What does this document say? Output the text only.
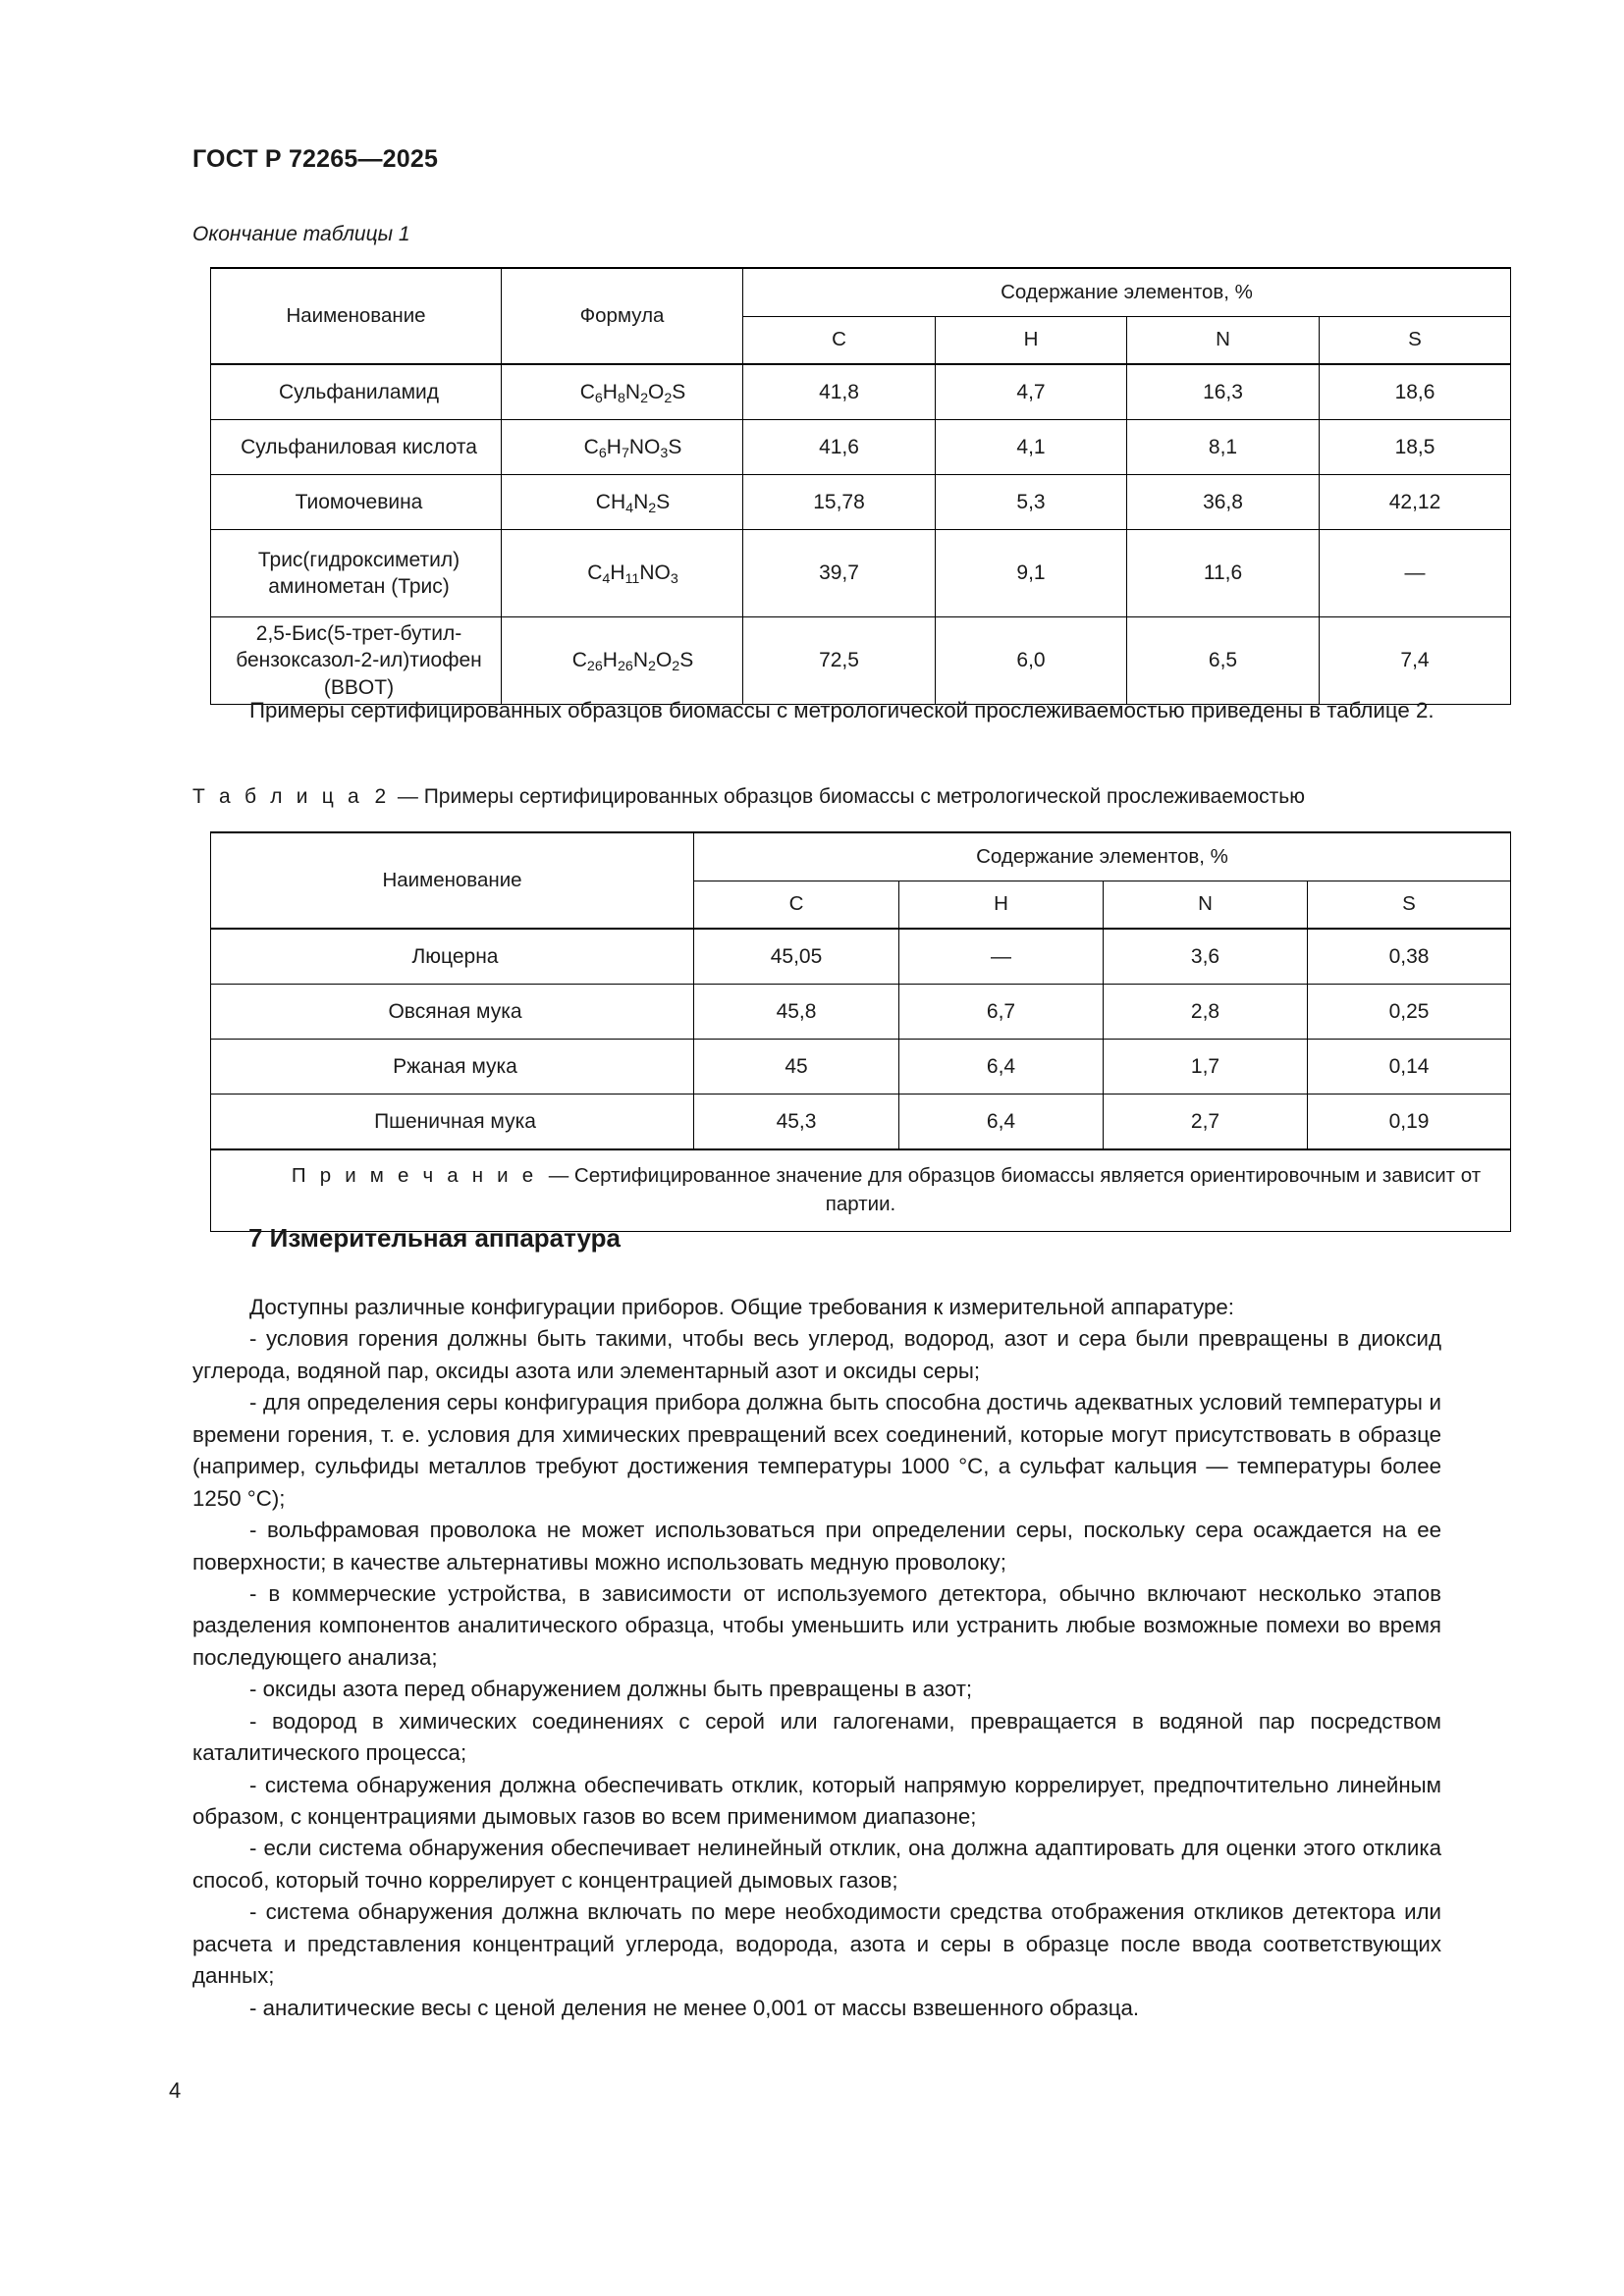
ГОСТ Р 72265—2025
Окончание таблицы 1
Наименование	Формула	Содержание элементов, %			
		C	H	N	S
Сульфаниламид	$C_6H_8N_2O_2S$	41,8	4,7	16,3	18,6
Сульфаниловая кислота	$C_6H_7NO_3S$	41,6	4,1	8,1	18,5
Тиомочевина	$CH_4N_2S$	15,78	5,3	36,8	42,12
Трис(гидроксиметил) аминометан (Трис)	$C_4H_{11}NO_3$	39,7	9,1	11,6	—
2,5-Бис(5-трет-бутил- бензоксазол-2-ил)тиофен (BBOT)	$C_{26}H_{26}N_2O_2S$	72,5	6,0	6,5	7,4

Примеры сертифицированных образцов биомассы с метрологической прослеживаемостью приведены в таблице 2.

Т а б л и ц а 2 — Примеры сертифицированных образцов биомассы с метрологической прослеживаемостью
Наименование	Содержание элементов, %			
	C	H	N	S
Люцерна	45,05	—	3,6	0,38
Овсяная мука	45,8	6,7	2,8	0,25
Ржаная мука	45	6,4	1,7	0,14
Пшеничная мука	45,3	6,4	2,7	0,19
П р и м е ч а н и е — Сертифицированное значение для образцов биомассы является ориентировочным и зависит от партии.				
7 Измерительная аппаратура

Доступны различные конфигурации приборов. Общие требования к измерительной аппаратуре:

- условия горения должны быть такими, чтобы весь углерод, водород, азот и сера были превращены в диоксид углерода, водяной пар, оксиды азота или элементарный азот и оксиды серы;

- для определения серы конфигурация прибора должна быть способна достичь адекватных условий температуры и времени горения, т. е. условия для химических превращений всех соединений, которые могут присутствовать в образце (например, сульфиды металлов требуют достижения температуры 1000 °C, а сульфат кальция — температуры более 1250 °C);

- вольфрамовая проволока не может использоваться при определении серы, поскольку сера осаждается на ее поверхности; в качестве альтернативы можно использовать медную проволоку;

- в коммерческие устройства, в зависимости от используемого детектора, обычно включают несколько этапов разделения компонентов аналитического образца, чтобы уменьшить или устранить любые возможные помехи во время последующего анализа;

- оксиды азота перед обнаружением должны быть превращены в азот;

- водород в химических соединениях с серой или галогенами, превращается в водяной пар посредством каталитического процесса;

- система обнаружения должна обеспечивать отклик, который напрямую коррелирует, предпочтительно линейным образом, с концентрациями дымовых газов во всем применимом диапазоне;

- если система обнаружения обеспечивает нелинейный отклик, она должна адаптировать для оценки этого отклика способ, который точно коррелирует с концентрацией дымовых газов;

- система обнаружения должна включать по мере необходимости средства отображения откликов детектора или расчета и представления концентраций углерода, водорода, азота и серы в образце после ввода соответствующих данных;

- аналитические весы с ценой деления не менее 0,001 от массы взвешенного образца.

4
